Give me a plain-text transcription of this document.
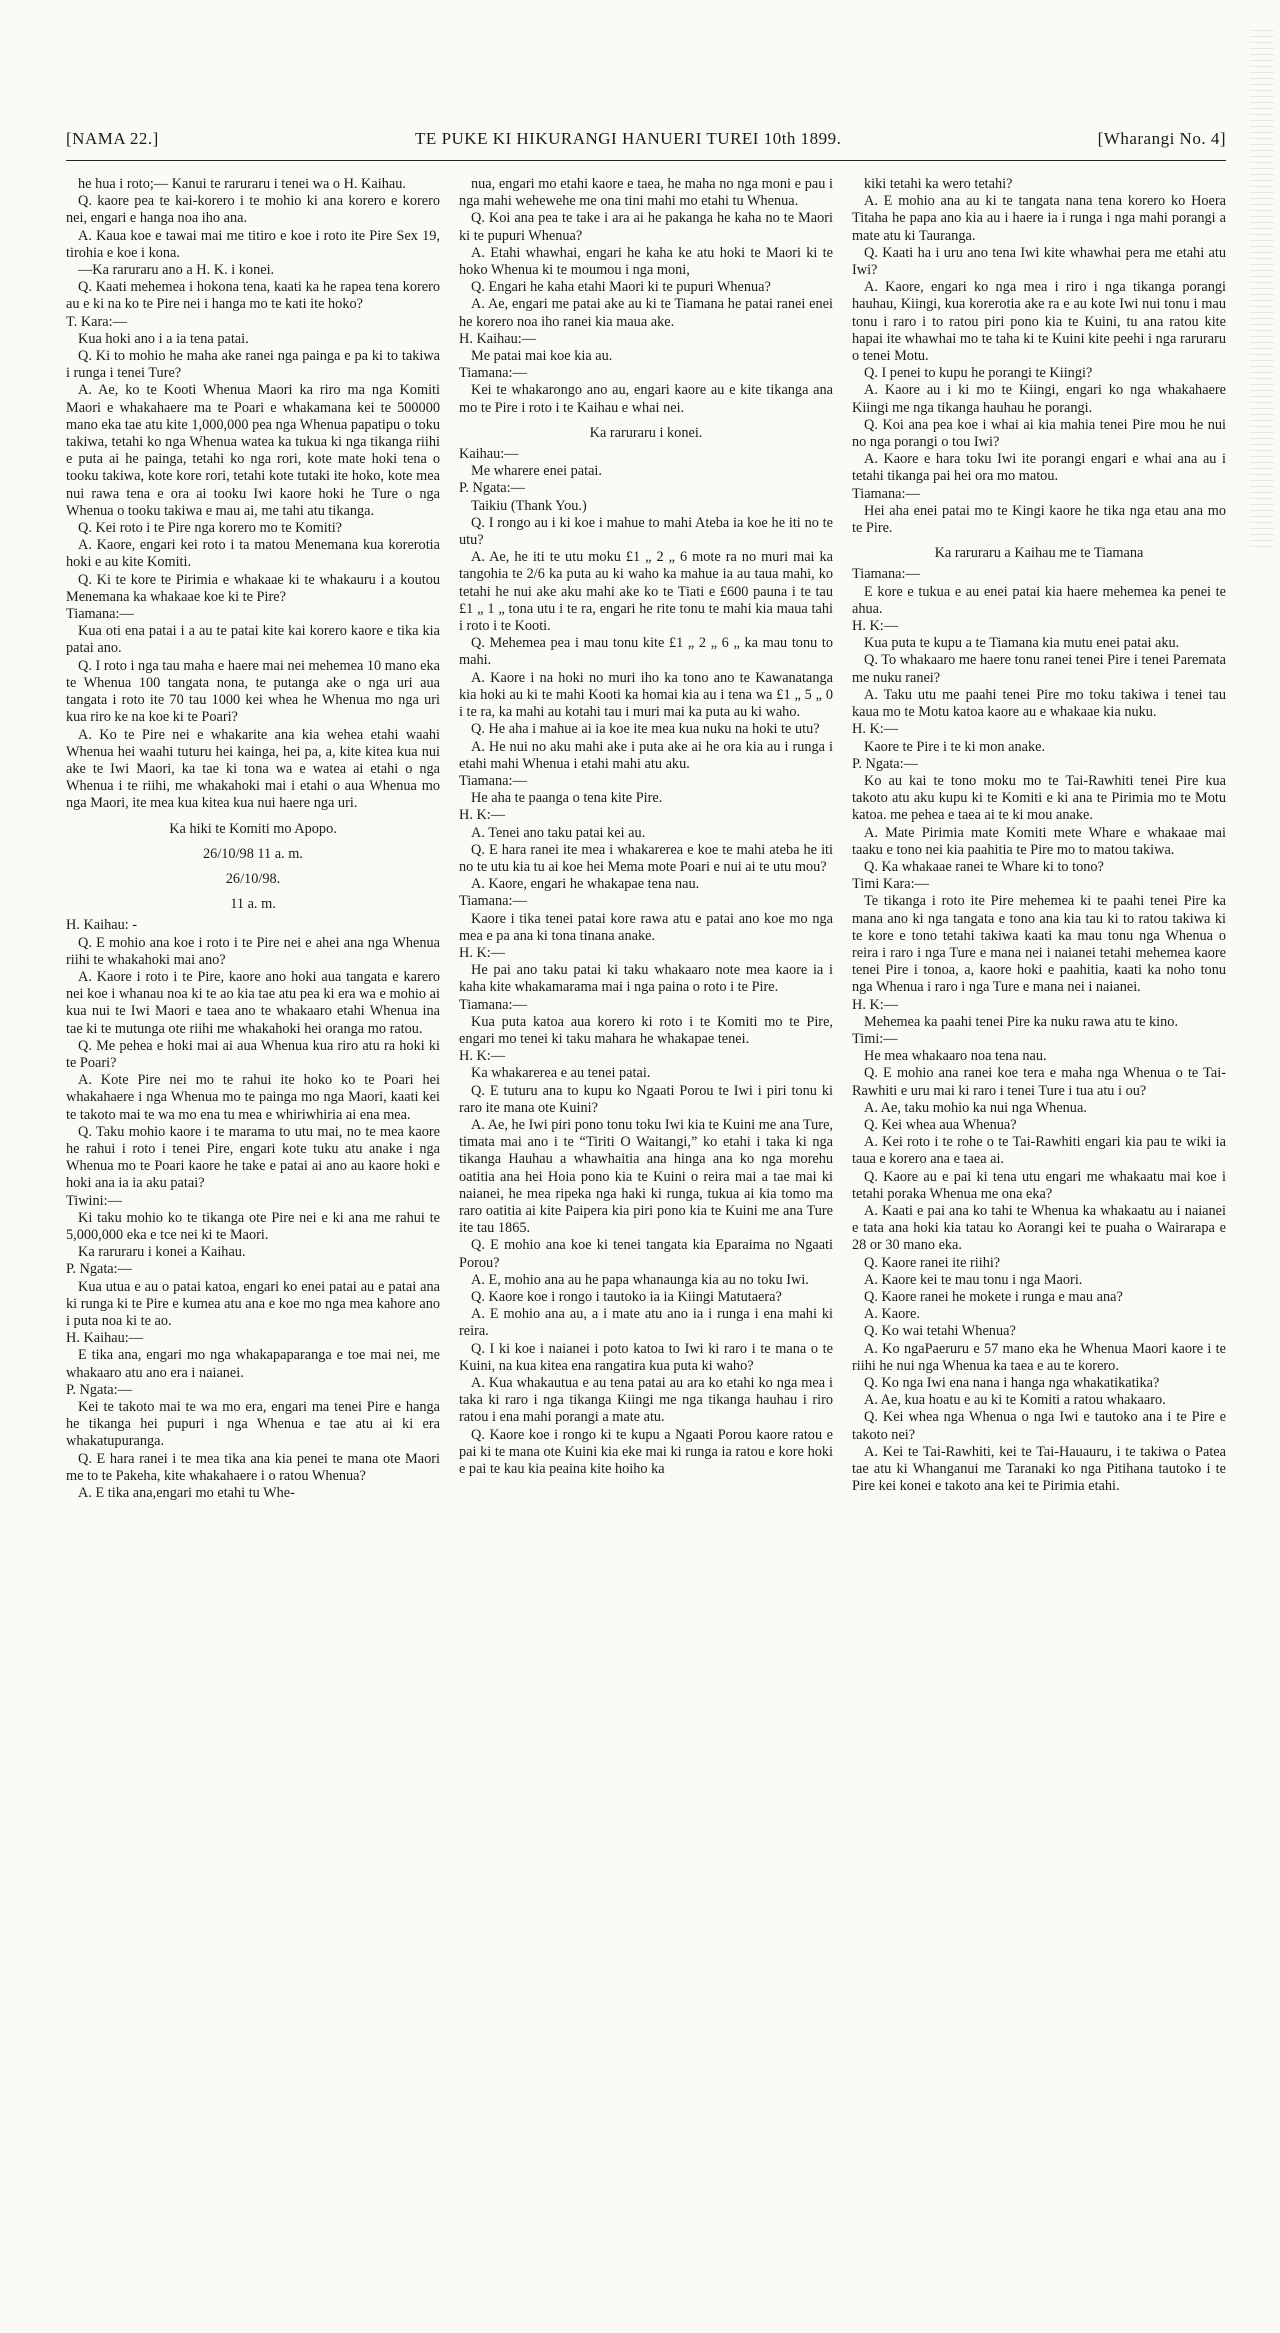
[NAMA 22.]	TE PUKE KI HIKURANGI HANUERI TUREI 10th 1899.	[Wharangi No. 4]

he hua i roto;— Kanui te raruraru i tenei wa o H. Kaihau.

Q. kaore pea te kai-korero i te mohio ki ana korero e korero nei, engari e hanga noa iho ana.

A. Kaua koe e tawai mai me titiro e koe i roto ite Pire Sex 19, tirohia e koe i kona.

—Ka raruraru ano a H. K. i konei.

Q. Kaati mehemea i hokona tena, kaati ka he rapea tena korero au e ki na ko te Pire nei i hanga mo te kati ite hoko?

T. Kara:—

Kua hoki ano i a ia tena patai.

Q. Ki to mohio he maha ake ranei nga painga e pa ki to takiwa i runga i tenei Ture?

A. Ae, ko te Kooti Whenua Maori ka riro ma nga Komiti Maori e whakahaere ma te Poari e whakamana kei te 500000 mano eka tae atu kite 1,000,000 pea nga Whenua papatipu o toku takiwa, tetahi ko nga Whenua watea ka tukua ki nga tikanga riihi e puta ai he painga, tetahi ko nga rori, kote mate hoki tena o tooku takiwa, kote kore rori, tetahi kote tutaki ite hoko, kote mea nui rawa tena e ora ai tooku Iwi kaore hoki he Ture o nga Whenua o tooku takiwa e mau ai, me tahi atu tikanga.

Q. Kei roto i te Pire nga korero mo te Komiti?

A. Kaore, engari kei roto i ta matou Menemana kua korerotia hoki e au kite Komiti.

Q. Ki te kore te Pirimia e whakaae ki te whakauru i a koutou Menemana ka whakaae koe ki te Pire?

Tiamana:—

Kua oti ena patai i a au te patai kite kai korero kaore e tika kia patai ano.

Q. I roto i nga tau maha e haere mai nei mehemea 10 mano eka te Whenua 100 tangata nona, te putanga ake o nga uri aua tangata i roto ite 70 tau 1000 kei whea he Whenua mo nga uri kua riro ke na koe ki te Poari?

A. Ko te Pire nei e whakarite ana kia wehea etahi waahi Whenua hei waahi tuturu hei kainga, hei pa, a, kite kitea kua nui ake te Iwi Maori, ka tae ki tona wa e watea ai etahi o nga Whenua i te riihi, me whakahoki mai i etahi o aua Whenua mo nga Maori, ite mea kua kitea kua nui haere nga uri.

Ka hiki te Komiti mo Apopo.

26/10/98 11 a. m.

26/10/98.

11 a. m.

H. Kaihau: -

Q. E mohio ana koe i roto i te Pire nei e ahei ana nga Whenua riihi te whakahoki mai ano?

A. Kaore i roto i te Pire, kaore ano hoki aua tangata e karero nei koe i whanau noa ki te ao kia tae atu pea ki era wa e mohio ai kua nui te Iwi Maori e taea ano te whakaaro etahi Whenua ina tae ki te mutunga ote riihi me whakahoki hei oranga mo ratou.

Q. Me pehea e hoki mai ai aua Whenua kua riro atu ra hoki ki te Poari?

A. Kote Pire nei mo te rahui ite hoko ko te Poari hei whakahaere i nga Whenua mo te painga mo nga Maori, kaati kei te takoto mai te wa mo ena tu mea e whiriwhiria ai ena mea.

Q. Taku mohio kaore i te marama to utu mai, no te mea kaore he rahui i roto i tenei Pire, engari kote tuku atu anake i nga Whenua mo te Poari kaore he take e patai ai ano au kaore hoki e hoki ana ia ia aku patai?

Tiwini:—

Ki taku mohio ko te tikanga ote Pire nei e ki ana me rahui te 5,000,000 eka e tce nei ki te Maori.

Ka raruraru i konei a Kaihau.

P. Ngata:—

Kua utua e au o patai katoa, engari ko enei patai au e patai ana ki runga ki te Pire e kumea atu ana e koe mo nga mea kahore ano i puta noa ki te ao.

H. Kaihau:—

E tika ana, engari mo nga whakapaparanga e toe mai nei, me whakaaro atu ano era i naianei.

P. Ngata:—

Kei te takoto mai te wa mo era, engari ma tenei Pire e hanga he tikanga hei pupuri i nga Whenua e tae atu ai ki era whakatupuranga.

Q. E hara ranei i te mea tika ana kia penei te mana ote Maori me to te Pakeha, kite whakahaere i o ratou Whenua?

A. E tika ana,engari mo etahi tu Whe-

nua, engari mo etahi kaore e taea, he maha no nga moni e pau i nga mahi wehewehe me ona tini mahi mo etahi tu Whenua.

Q. Koi ana pea te take i ara ai he pakanga he kaha no te Maori ki te pupuri Whenua?

A. Etahi whawhai, engari he kaha ke atu hoki te Maori ki te hoko Whenua ki te moumou i nga moni,

Q. Engari he kaha etahi Maori ki te pupuri Whenua?

A. Ae, engari me patai ake au ki te Tiamana he patai ranei enei he korero noa iho ranei kia maua ake.

H. Kaihau:—

Me patai mai koe kia au.

Tiamana:—

Kei te whakarongo ano au, engari kaore au e kite tikanga ana mo te Pire i roto i te Kaihau e whai nei.

Ka raruraru i konei.

Kaihau:—

Me wharere enei patai.

P. Ngata:—

Taikiu (Thank You.)

Q. I rongo au i ki koe i mahue to mahi Ateba ia koe he iti no te utu?

A. Ae, he iti te utu moku £1 „ 2 „ 6 mote ra no muri mai ka tangohia te 2/6 ka puta au ki waho ka mahue ia au taua mahi, ko tetahi he nui ake aku mahi ake ko te Tiati e £600 pauna i te tau £1 „ 1 „ tona utu i te ra, engari he rite tonu te mahi kia maua tahi i roto i te Kooti.

Q. Mehemea pea i mau tonu kite £1 „ 2 „ 6 „ ka mau tonu to mahi.

A. Kaore i na hoki no muri iho ka tono ano te Kawanatanga kia hoki au ki te mahi Kooti ka homai kia au i tena wa £1 „ 5 „ 0 i te ra, ka mahi au kotahi tau i muri mai ka puta au ki waho.

Q. He aha i mahue ai ia koe ite mea kua nuku na hoki te utu?

A. He nui no aku mahi ake i puta ake ai he ora kia au i runga i etahi mahi Whenua i etahi mahi atu aku.

Tiamana:—

He aha te paanga o tena kite Pire.

H. K:—

A. Tenei ano taku patai kei au.

Q. E hara ranei ite mea i whakarerea e koe te mahi ateba he iti no te utu kia tu ai koe hei Mema mote Poari e nui ai te utu mou?

A. Kaore, engari he whakapae tena nau.

Tiamana:—

Kaore i tika tenei patai kore rawa atu e patai ano koe mo nga mea e pa ana ki tona tinana anake.

H. K:—

He pai ano taku patai ki taku whakaaro note mea kaore ia i kaha kite whakamarama mai i nga paina o roto i te Pire.

Tiamana:—

Kua puta katoa aua korero ki roto i te Komiti mo te Pire, engari mo tenei ki taku mahara he whakapae tenei.

H. K:—

Ka whakarerea e au tenei patai.

Q. E tuturu ana to kupu ko Ngaati Porou te Iwi i piri tonu ki raro ite mana ote Kuini?

A. Ae, he Iwi piri pono tonu toku Iwi kia te Kuini me ana Ture, timata mai ano i te “Tiriti O Waitangi,” ko etahi i taka ki nga tikanga Hauhau a whawhaitia ana hinga ana ko nga morehu oatitia ana hei Hoia pono kia te Kuini o reira mai a tae mai ki naianei, he mea ripeka nga haki ki runga, tukua ai kia tomo ma raro oatitia ai kite Paipera kia piri pono kia te Kuini me ana Ture ite tau 1865.

Q. E mohio ana koe ki tenei tangata kia Eparaima no Ngaati Porou?

A. E, mohio ana au he papa whanaunga kia au no toku Iwi.

Q. Kaore koe i rongo i tautoko ia ia Kiingi Matutaera?

A. E mohio ana au, a i mate atu ano ia i runga i ena mahi ki reira.

Q. I ki koe i naianei i poto katoa to Iwi ki raro i te mana o te Kuini, na kua kitea ena rangatira kua puta ki waho?

A. Kua whakautua e au tena patai au ara ko etahi ko nga mea i taka ki raro i nga tikanga Kiingi me nga tikanga hauhau i riro ratou i ena mahi porangi a mate atu.

Q. Kaore koe i rongo ki te kupu a Ngaati Porou kaore ratou e pai ki te mana ote Kuini kia eke mai ki runga ia ratou e kore hoki e pai te kau kia peaina kite hoiho ka

kiki tetahi ka wero tetahi?

A. E mohio ana au ki te tangata nana tena korero ko Hoera Titaha he papa ano kia au i haere ia i runga i nga mahi porangi a mate atu ki Tauranga.

Q. Kaati ha i uru ano tena Iwi kite whawhai pera me etahi atu Iwi?

A. Kaore, engari ko nga mea i riro i nga tikanga porangi hauhau, Kiingi, kua korerotia ake ra e au kote Iwi nui tonu i mau tonu i raro i to ratou piri pono kia te Kuini, tu ana ratou kite hapai ite whawhai mo te taha ki te Kuini kite peehi i nga raruraru o tenei Motu.

Q. I penei to kupu he porangi te Kiingi?

A. Kaore au i ki mo te Kiingi, engari ko nga whakahaere Kiingi me nga tikanga hauhau he porangi.

Q. Koi ana pea koe i whai ai kia mahia tenei Pire mou he nui no nga porangi o tou Iwi?

A. Kaore e hara toku Iwi ite porangi engari e whai ana au i tetahi tikanga pai hei ora mo matou.

Tiamana:—

Hei aha enei patai mo te Kingi kaore he tika nga etau ana mo te Pire.

Ka raruraru a Kaihau me te Tiamana

Tiamana:—

E kore e tukua e au enei patai kia haere mehemea ka penei te ahua.

H. K:—

Kua puta te kupu a te Tiamana kia mutu enei patai aku.

Q. To whakaaro me haere tonu ranei tenei Pire i tenei Paremata me nuku ranei?

A. Taku utu me paahi tenei Pire mo toku takiwa i tenei tau kaua mo te Motu katoa kaore au e whakaae kia nuku.

H. K:—

Kaore te Pire i te ki mon anake.

P. Ngata:—

Ko au kai te tono moku mo te Tai-Rawhiti tenei Pire kua takoto atu aku kupu ki te Komiti e ki ana te Pirimia mo te Motu katoa. me pehea e taea ai te ki mou anake.

A. Mate Pirimia mate Komiti mete Whare e whakaae mai taaku e tono nei kia paahitia te Pire mo to matou takiwa.

Q. Ka whakaae ranei te Whare ki to tono?

Timi Kara:—

Te tikanga i roto ite Pire mehemea ki te paahi tenei Pire ka mana ano ki nga tangata e tono ana kia tau ki to ratou takiwa ki te kore e tono tetahi takiwa kaati ka mau tonu nga Whenua o reira i raro i nga Ture e mana nei i naianei tetahi mehemea kaore tenei Pire i tonoa, a, kaore hoki e paahitia, kaati ka noho tonu nga Whenua i raro i nga Ture e mana nei i naianei.

H. K:—

Mehemea ka paahi tenei Pire ka nuku rawa atu te kino.

Timi:—

He mea whakaaro noa tena nau.

Q. E mohio ana ranei koe tera e maha nga Whenua o te Tai-Rawhiti e uru mai ki raro i tenei Ture i tua atu i ou?

A. Ae, taku mohio ka nui nga Whenua.

Q. Kei whea aua Whenua?

A. Kei roto i te rohe o te Tai-Rawhiti engari kia pau te wiki ia taua e korero ana e taea ai.

Q. Kaore au e pai ki tena utu engari me whakaatu mai koe i tetahi poraka Whenua me ona eka?

A. Kaati e pai ana ko tahi te Whenua ka whakaatu au i naianei e tata ana hoki kia tatau ko Aorangi kei te puaha o Wairarapa e 28 or 30 mano eka.

Q. Kaore ranei ite riihi?

A. Kaore kei te mau tonu i nga Maori.

Q. Kaore ranei he mokete i runga e mau ana?

A. Kaore.

Q. Ko wai tetahi Whenua?

A. Ko ngaPaeruru e 57 mano eka he Whenua Maori kaore i te riihi he nui nga Whenua ka taea e au te korero.

Q. Ko nga Iwi ena nana i hanga nga whakatikatika?

A. Ae, kua hoatu e au ki te Komiti a ratou whakaaro.

Q. Kei whea nga Whenua o nga Iwi e tautoko ana i te Pire e takoto nei?

A. Kei te Tai-Rawhiti, kei te Tai-Hauauru, i te takiwa o Patea tae atu ki Whanganui me Taranaki ko nga Pitihana tautoko i te Pire kei konei e takoto ana kei te Pirimia etahi.
